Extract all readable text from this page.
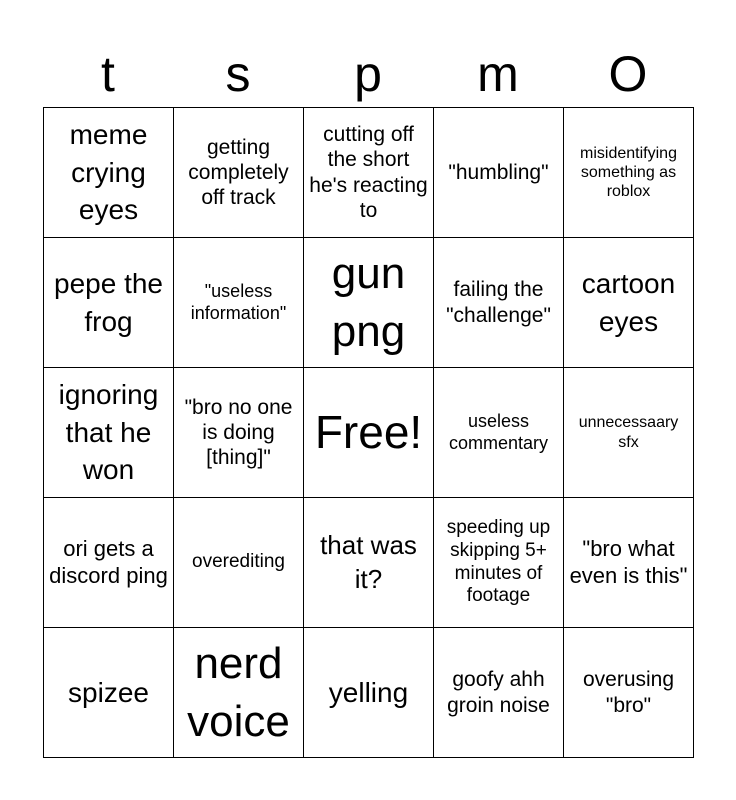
t	s	p	m	O
meme crying eyes	getting completely off track	cutting off the short he's reacting to	"humbling"	misidentifying something as roblox
pepe the frog	"useless information"	gun png	failing the "challenge"	cartoon eyes
ignoring that he won	"bro no one is doing [thing]"	Free!	useless commentary	unnecessaary sfx
ori gets a discord ping	overediting	that was it?	speeding up skipping 5+ minutes of footage	"bro what even is this"
spizee	nerd voice	yelling	goofy ahh groin noise	overusing "bro"
